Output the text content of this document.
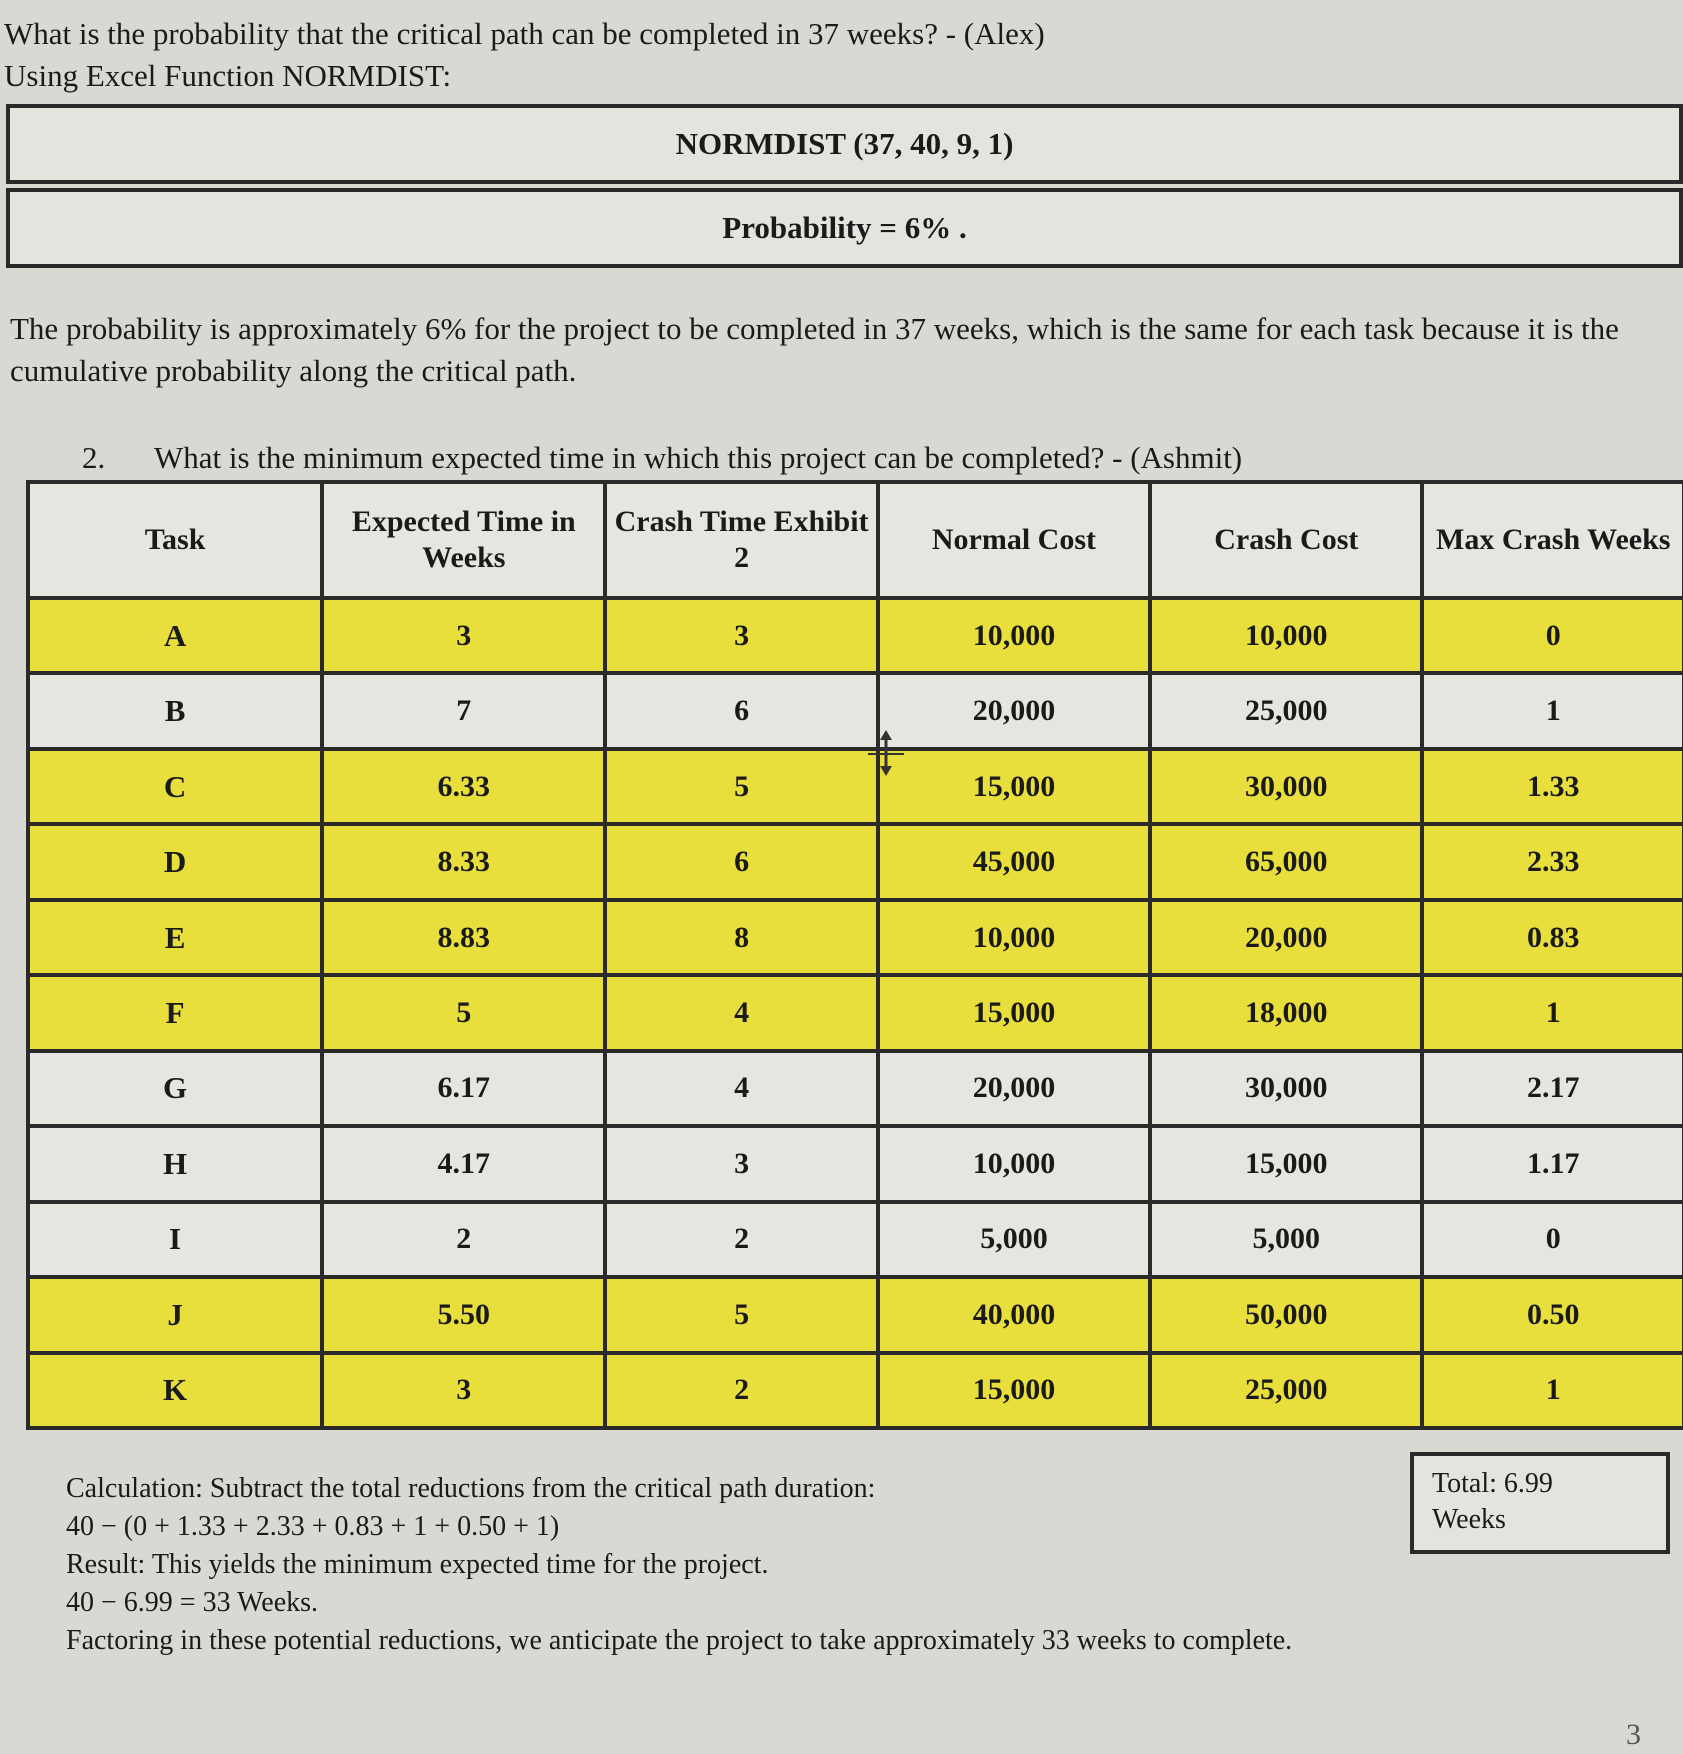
What is the probability that the critical path can be completed in 37 weeks? - (Alex)
Using Excel Function NORMDIST:
NORMDIST (37, 40, 9, 1)
Probability = 6% .
The probability is approximately 6% for the project to be completed in 37 weeks, which is the same for each task because it is the cumulative probability along the critical path.
2. What is the minimum expected time in which this project can be completed? - (Ashmit)
Task	Expected Time in Weeks	Crash Time Exhibit 2	Normal Cost	Crash Cost	Max Crash Weeks
A	3	3	10,000	10,000	0
B	7	6	20,000	25,000	1
C	6.33	5	15,000	30,000	1.33
D	8.33	6	45,000	65,000	2.33
E	8.83	8	10,000	20,000	0.83
F	5	4	15,000	18,000	1
G	6.17	4	20,000	30,000	2.17
H	4.17	3	10,000	15,000	1.17
I	2	2	5,000	5,000	0
J	5.50	5	40,000	50,000	0.50
K	3	2	15,000	25,000	1
Calculation: Subtract the total reductions from the critical path duration:
40 − (0 + 1.33 + 2.33 + 0.83 + 1 + 0.50 + 1)
Result: This yields the minimum expected time for the project.
40 − 6.99 = 33 Weeks.
Factoring in these potential reductions, we anticipate the project to take approximately 33 weeks to complete.
Total: 6.99
Weeks
3
